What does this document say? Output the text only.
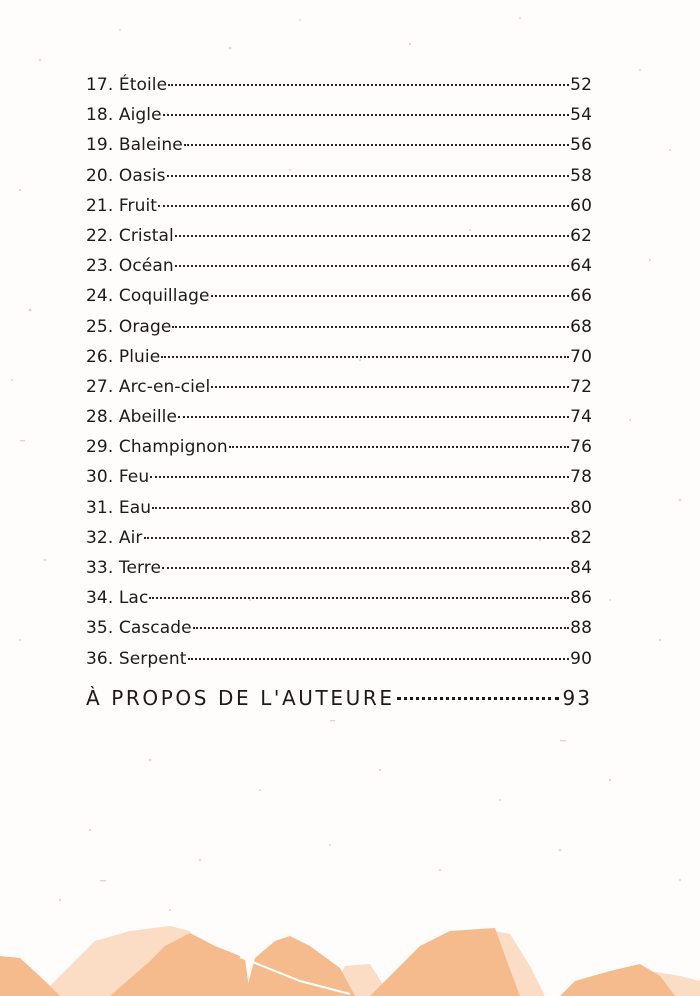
17. Étoile	52
18. Aigle	54
19. Baleine	56
20. Oasis	58
21. Fruit	60
22. Cristal	62
23. Océan	64
24. Coquillage	66
25. Orage	68
26. Pluie	70
27. Arc-en-ciel	72
28. Abeille	74
29. Champignon	76
30. Feu	78
31. Eau	80
32. Air	82
33. Terre	84
34. Lac	86
35. Cascade	88
36. Serpent	90
À PROPOS DE L'AUTEURE	93
